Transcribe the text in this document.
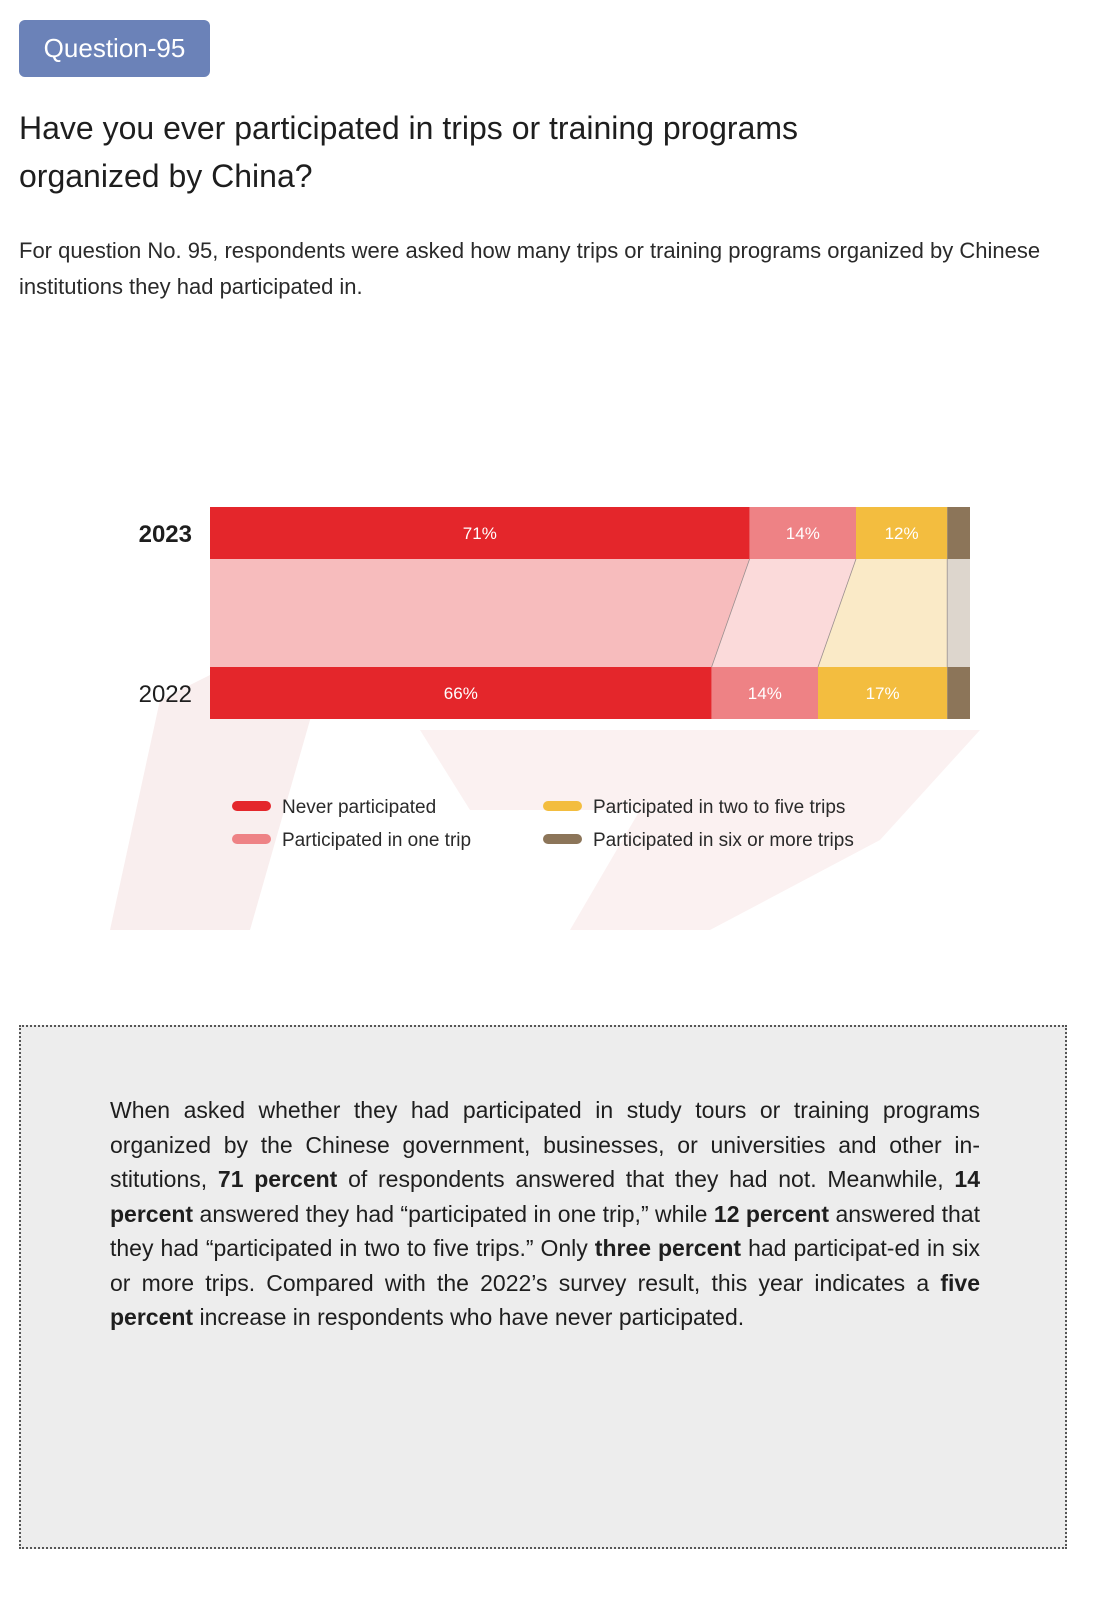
Question-95
Have you ever participated in trips or training programs organized by China?

For question No. 95, respondents were asked how many trips or training programs organized by Chinese institutions they had participated in.

71%	14%	12%
2023
66%	14%	17%
2022
Never participated
Participated in one trip
Participated in two to five trips
Participated in six or more trips

When asked whether they had participated in study tours or training programs organized by the Chinese government, businesses, or universities and other in-stitutions, 71 percent of respondents answered that they had not. Meanwhile, 14 percent answered they had “participated in one trip,” while 12 percent answered that they had “participated in two to five trips.” Only three percent had participat-ed in six or more trips. Compared with the 2022’s survey result, this year indicates a five percent increase in respondents who have never participated.
